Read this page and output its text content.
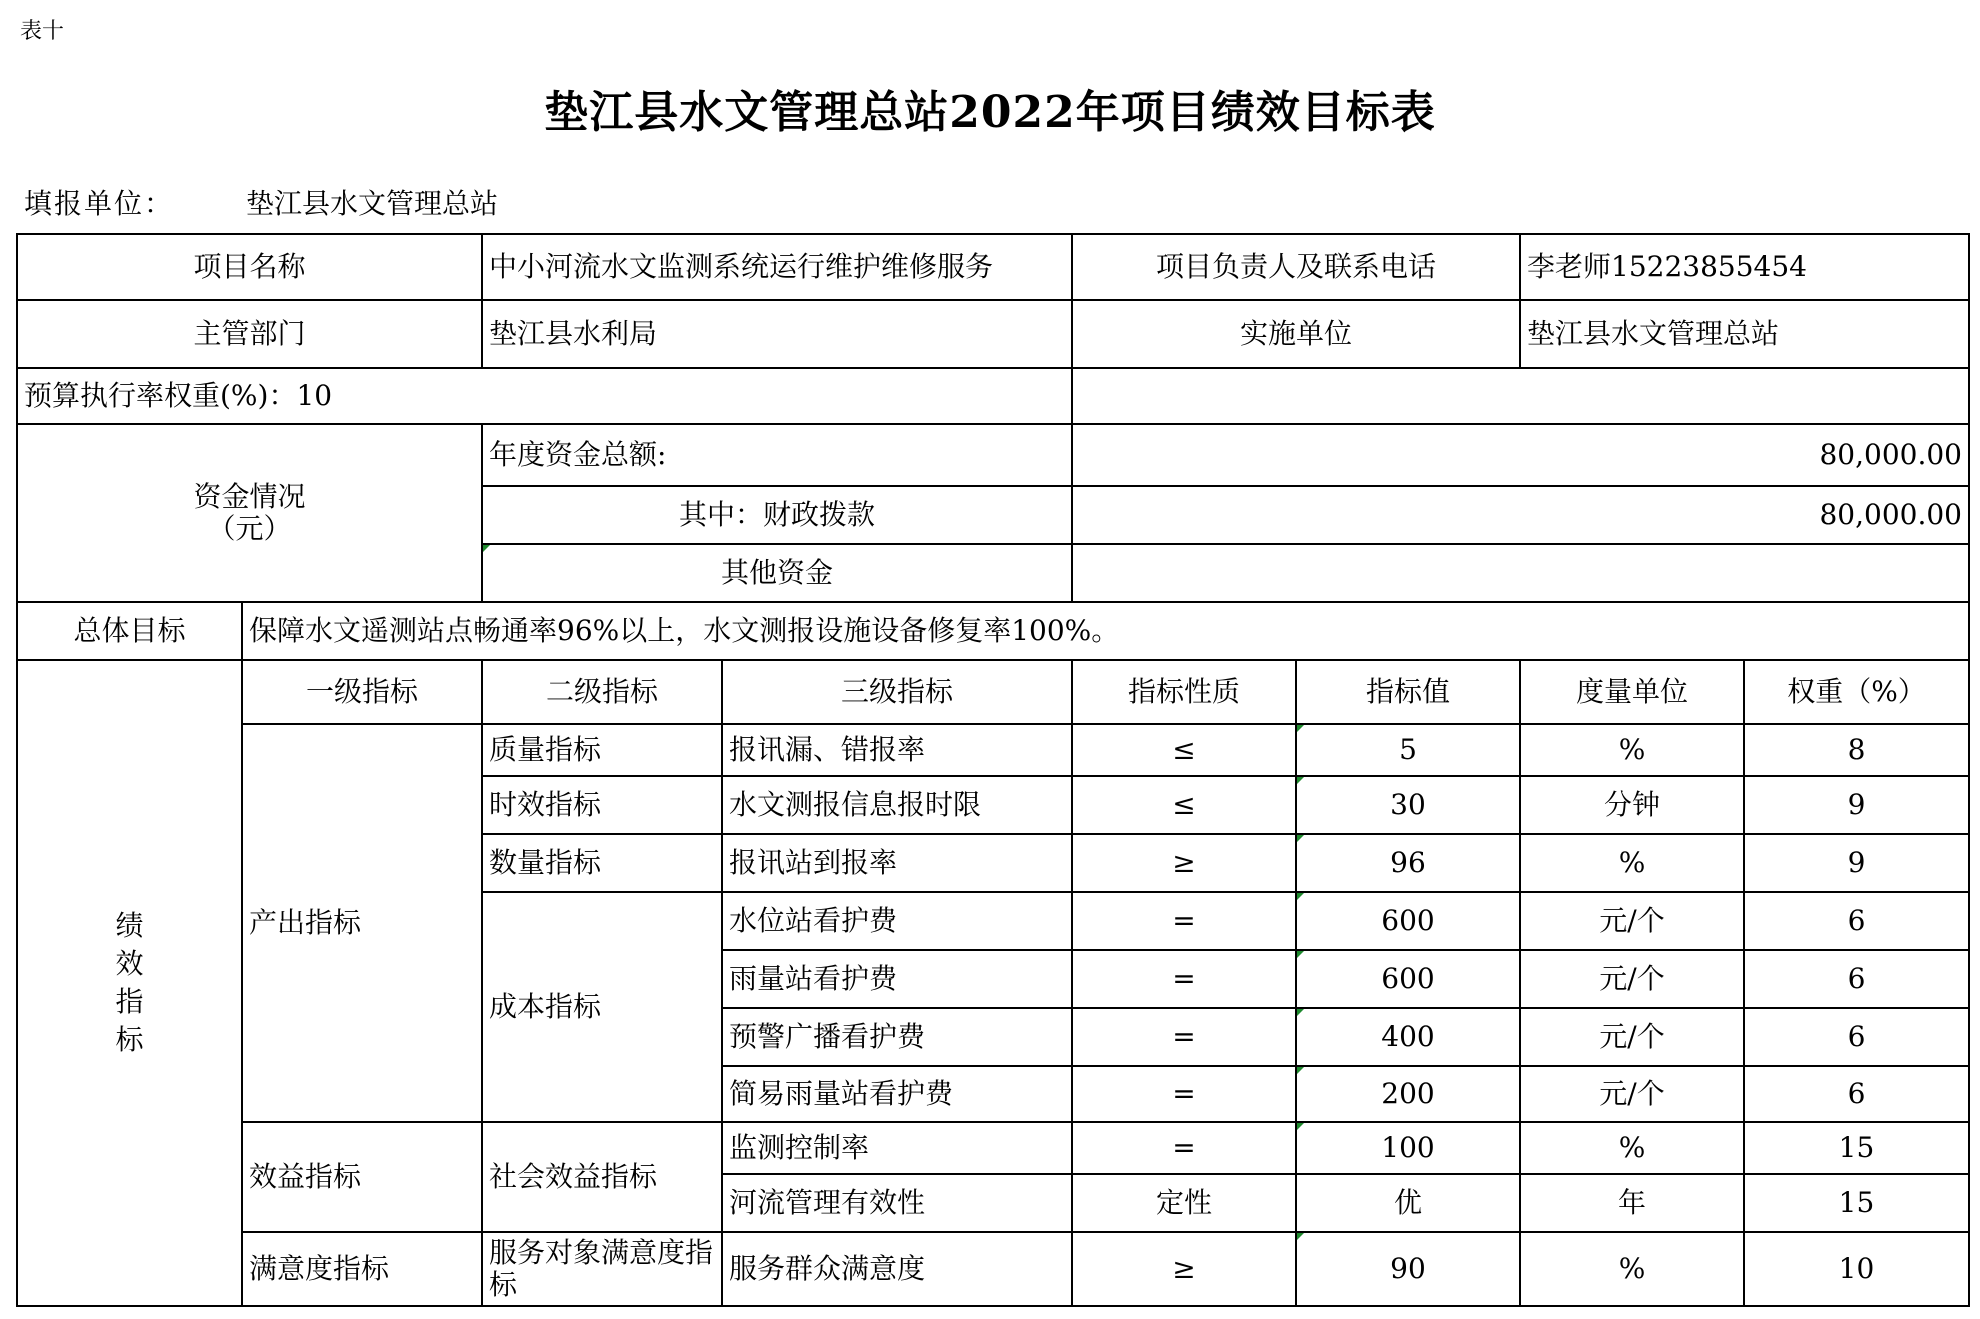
表十
垫江县水文管理总站2022年项目绩效目标表
填报单位：	垫江县水文管理总站
项目名称		中小河流水文监测系统运行维护维修服务		项目负责人及联系电话		李老师15223855454	
主管部门		垫江县水利局		实施单位		垫江县水文管理总站	
预算执行率权重(%)：10							

资金情况
（元）		年度资金总额:		80,000.00			
		其中：财政拨款		80,000.00			
		其他资金					
总体目标	保障水文遥测站点畅通率96%以上，水文测报设施设备修复率100%。						
绩效指标	一级指标	二级指标	三级指标	指标性质	指标值	度量单位	权重（%）
	产出指标	质量指标	报讯漏、错报率	≤	5	%	8
		时效指标	水文测报信息报时限	≤	30	分钟	9
		数量指标	报讯站到报率	≥	96	%	9
		成本指标	水位站看护费	=	600	元/个	6
			雨量站看护费	=	600	元/个	6
			预警广播看护费	=	400	元/个	6
			简易雨量站看护费	=	200	元/个	6
	效益指标	社会效益指标	监测控制率	=	100	%	15
			河流管理有效性	定性	优	年	15
	满意度指标	服务对象满意度指标	服务群众满意度	≥	90	%	10
